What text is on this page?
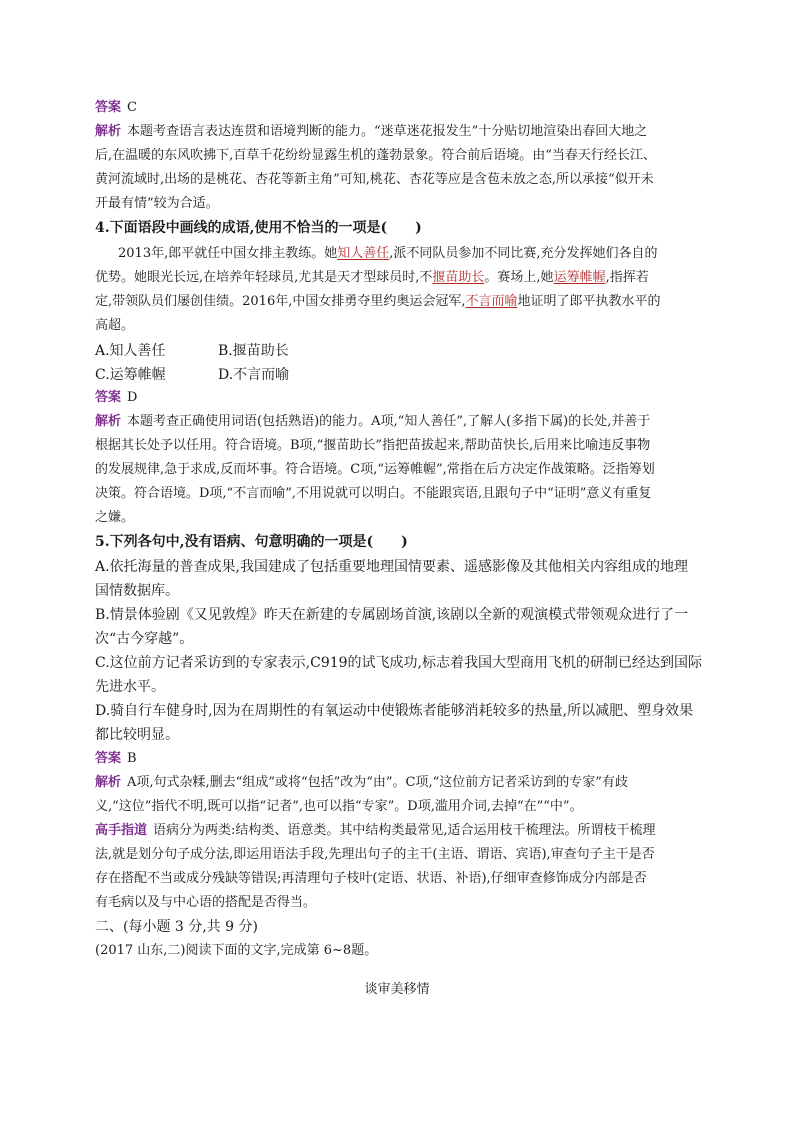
答案 C
解析 本题考查语言表达连贯和语境判断的能力。“迷草迷花报发生”十分贴切地渲染出春回大地之
后,在温暖的东风吹拂下,百草千花纷纷显露生机的蓬勃景象。符合前后语境。由“当春天行经长江、
黄河流域时,出场的是桃花、杏花等新主角”可知,桃花、杏花等应是含苞未放之态,所以承接“似开未
开最有情”较为合适。
4.下面语段中画线的成语,使用不恰当的一项是(　　)
2013年,郎平就任中国女排主教练。她知人善任,派不同队员参加不同比赛,充分发挥她们各自的
优势。她眼光长远,在培养年轻球员,尤其是天才型球员时,不揠苗助长。赛场上,她运筹帷幄,指挥若
定,带领队员们屡创佳绩。2016年,中国女排勇夺里约奥运会冠军,不言而喻地证明了郎平执教水平的
高超。
A.知人善任	B.揠苗助长
C.运筹帷幄	D.不言而喻
答案 D
解析 本题考查正确使用词语(包括熟语)的能力。A项,“知人善任”,了解人(多指下属)的长处,并善于
根据其长处予以任用。符合语境。B项,“揠苗助长”指把苗拔起来,帮助苗快长,后用来比喻违反事物
的发展规律,急于求成,反而坏事。符合语境。C项,“运筹帷幄”,常指在后方决定作战策略。泛指筹划
决策。符合语境。D项,“不言而喻”,不用说就可以明白。不能跟宾语,且跟句子中“证明”意义有重复
之嫌。
5.下列各句中,没有语病、句意明确的一项是(　　)
A.依托海量的普查成果,我国建成了包括重要地理国情要素、遥感影像及其他相关内容组成的地理
国情数据库。
B.情景体验剧《又见敦煌》昨天在新建的专属剧场首演,该剧以全新的观演模式带领观众进行了一
次“古今穿越”。
C.这位前方记者采访到的专家表示,C919的试飞成功,标志着我国大型商用飞机的研制已经达到国际
先进水平。
D.骑自行车健身时,因为在周期性的有氧运动中使锻炼者能够消耗较多的热量,所以减肥、塑身效果
都比较明显。
答案 B
解析 A项,句式杂糅,删去“组成”或将“包括”改为“由”。C项,“这位前方记者采访到的专家”有歧
义,“这位”指代不明,既可以指“记者”,也可以指“专家”。D项,滥用介词,去掉“在”“中”。
高手指道 语病分为两类:结构类、语意类。其中结构类最常见,适合运用枝干梳理法。所谓枝干梳理
法,就是划分句子成分法,即运用语法手段,先理出句子的主干(主语、谓语、宾语),审查句子主干是否
存在搭配不当或成分残缺等错误;再清理句子枝叶(定语、状语、补语),仔细审查修饰成分内部是否
有毛病以及与中心语的搭配是否得当。
二、(每小题 3 分,共 9 分)
(2017 山东,二)阅读下面的文字,完成第 6~8题。
谈审美移情
